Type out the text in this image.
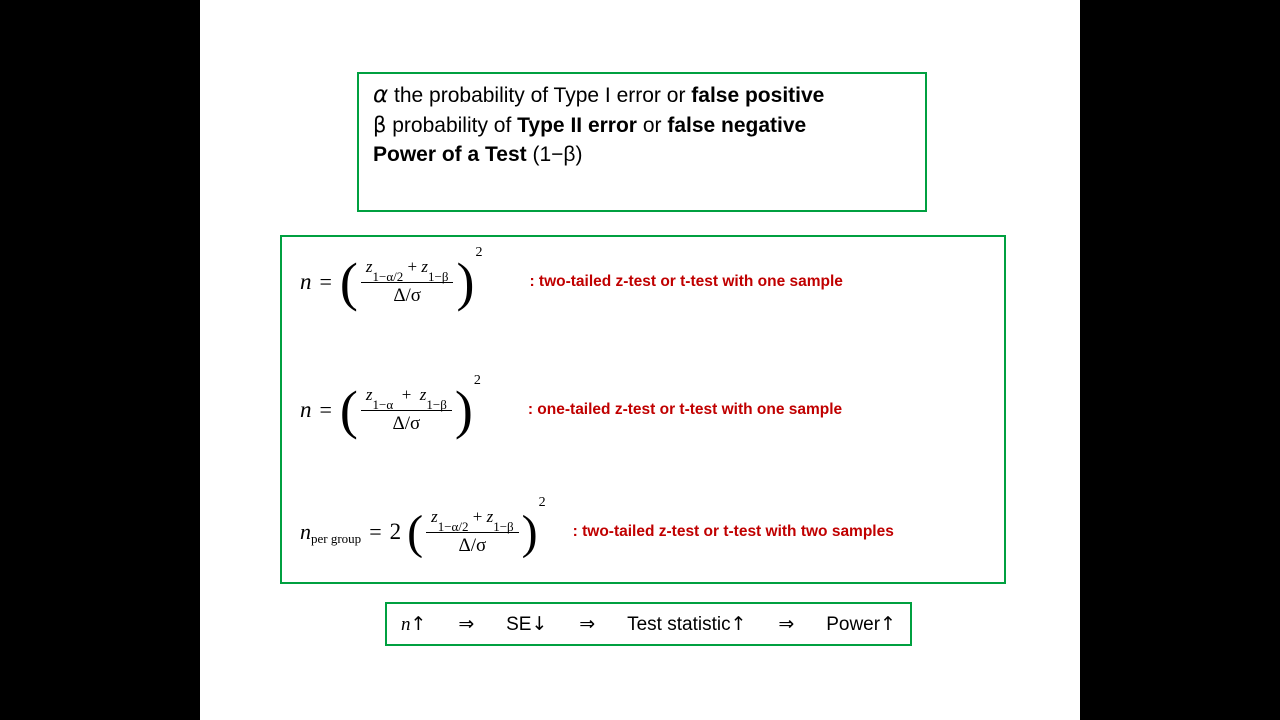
α the probability of Type I error or false positive
β probability of Type II error or false negative
Power of a Test (1−β)
n = ( $\frac{z_{1-\alpha/2} + z_{1-\beta}}{\Delta/\sigma}$ ) 2
: two-tailed z-test or t-test with one sample
n = ( $\frac{z_{1-\alpha} + z_{1-\beta}}{\Delta/\sigma}$ ) 2
: one-tailed z-test or t-test with one sample
nper group = 2 ( $\frac{z_{1-\alpha/2} + z_{1-\beta}}{\Delta/\sigma}$ )
2
: two-tailed z-test or t-test with two samples
n↑ ⇒ SE↓ ⇒ Test statistic↑ ⇒ Power↑
